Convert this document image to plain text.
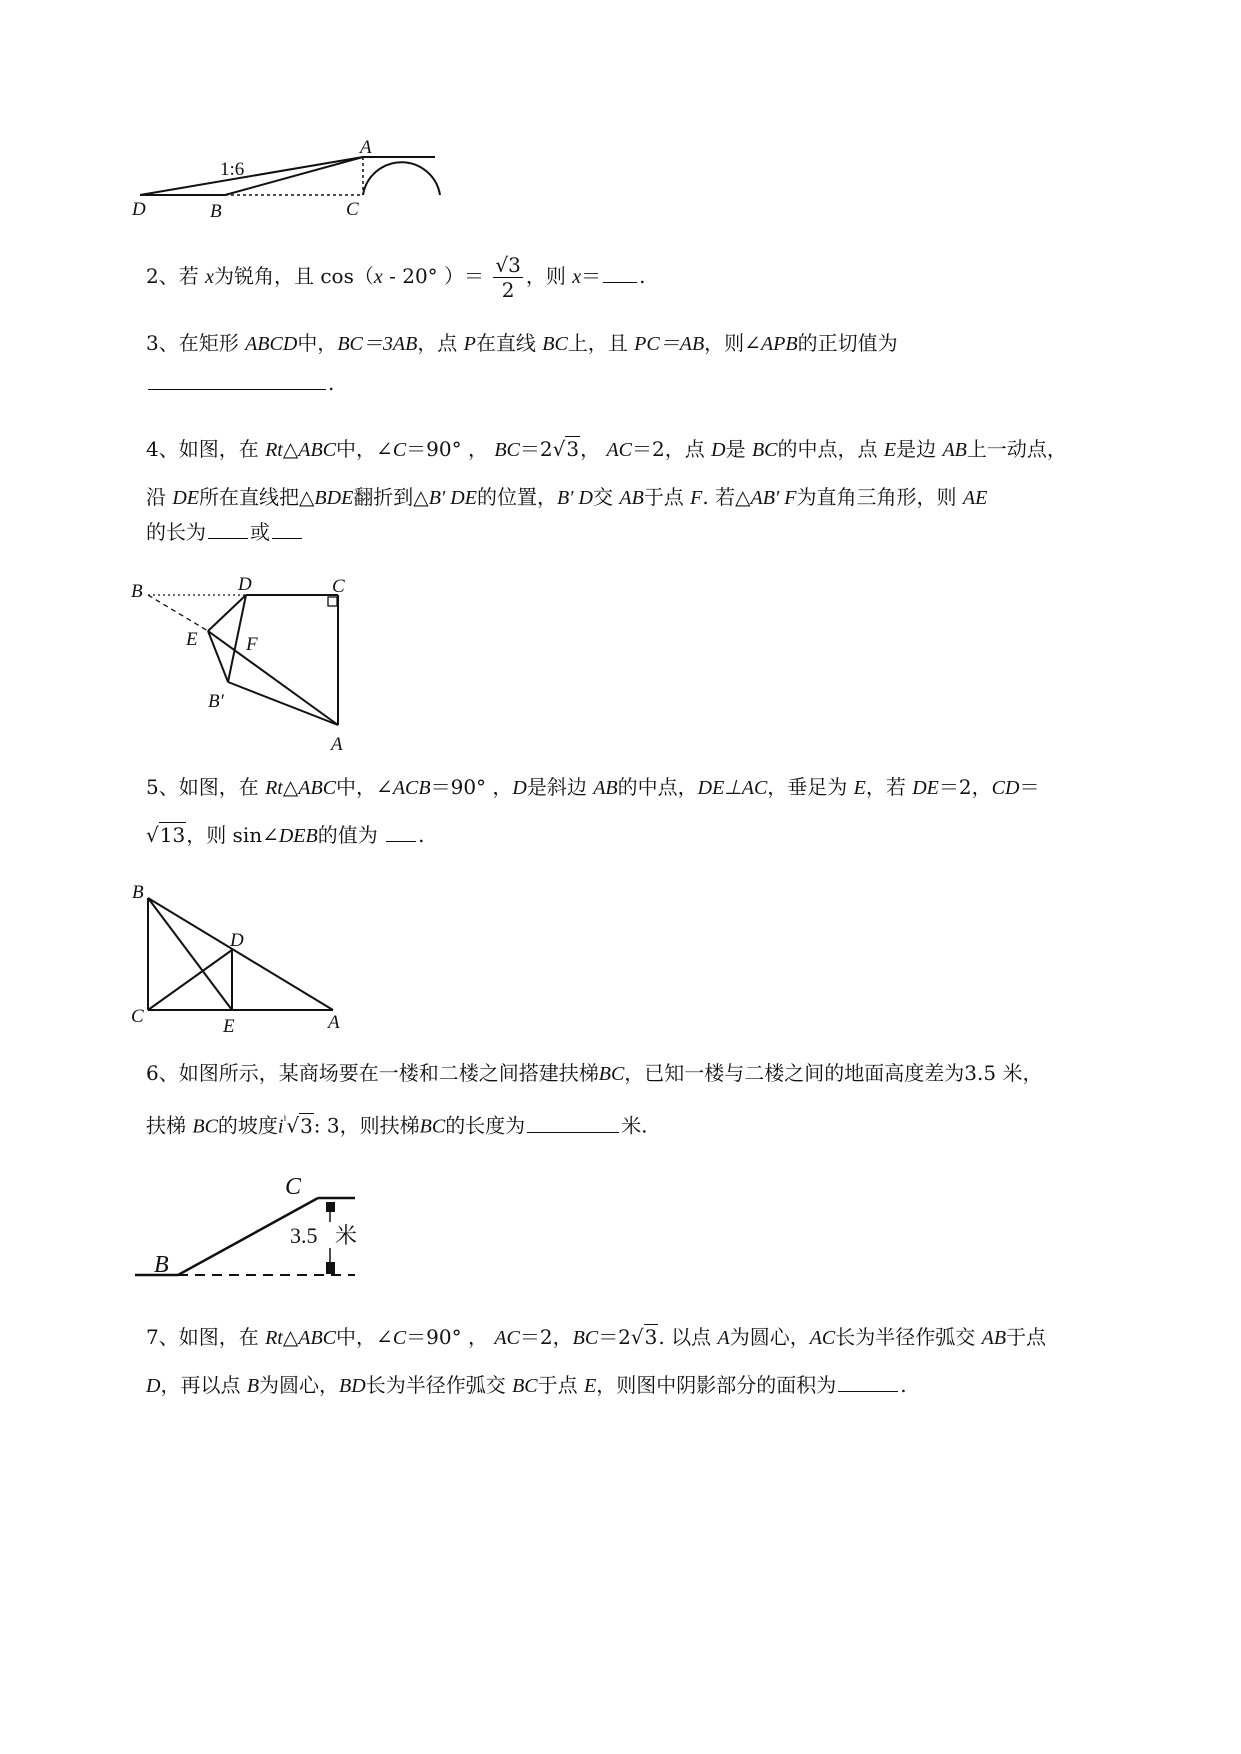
1:6
A
B	C
D
2、若 x为锐角，且 cos（x - 20° ）＝ $\frac{√3}{2}$ ，则 x＝ .
3、在矩形 ABCD中，BC＝3AB，点 P在直线 BC上，且 PC＝AB，则∠APB的正切值为
.
4、如图，在 Rt△ABC中，∠C＝90° ， BC＝2√3， AC＝2，点 D是 BC的中点，点 E是边 AB上一动点，
沿 DE所在直线把△BDE翻折到△B′ DE的位置，B′ D交 AB于点 F. 若△AB′ F为直角三角形，则 AE
的长为 或
B	D	C
E	F
B′
A
5、如图，在 Rt△ABC中，∠ACB＝90° ，D是斜边 AB的中点，DE⊥AC，垂足为 E，若 DE＝2，CD＝
√13，则 sin∠DEB的值为 .
B
D
C	E	A
6、如图所示，某商场要在一楼和二楼之间搭建扶梯BC，已知一楼与二楼之间的地面高度差为3.5 米，
扶梯 BC的坡度$i^{^i}√3$: 3，则扶梯BC的长度为	米.
3.5 米
C
B
7、如图，在 Rt△ABC中，∠C＝90° ， AC＝2，BC＝2√3. 以点 A为圆心，AC长为半径作弧交 AB于点
D，再以点 B为圆心，BD长为半径作弧交 BC于点 E，则图中阴影部分的面积为	.
